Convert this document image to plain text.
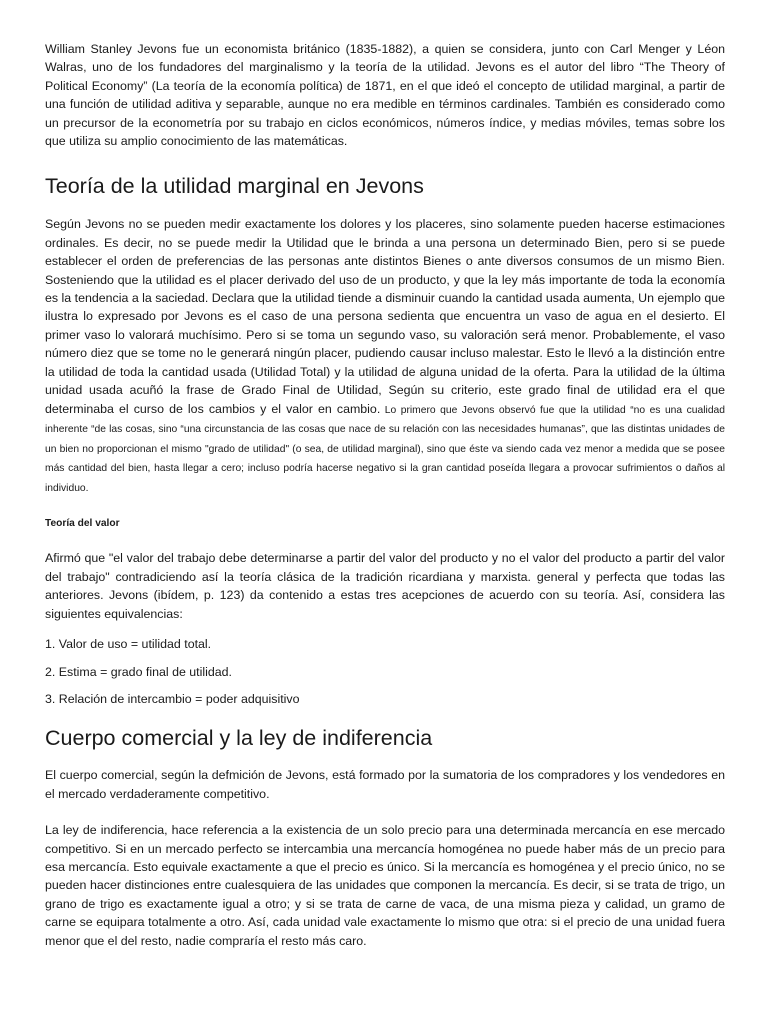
William Stanley Jevons fue un economista británico (1835-1882), a quien se considera, junto con Carl Menger y Léon Walras, uno de los fundadores del marginalismo y la teoría de la utilidad. Jevons es el autor del libro “The Theory of Political Economy” (La teoría de la economía política) de 1871, en el que ideó el concepto de utilidad marginal, a partir de una función de utilidad aditiva y separable, aunque no era medible en términos cardinales. También es considerado como un precursor de la econometría por su trabajo en ciclos económicos, números índice, y medias móviles, temas sobre los que utiliza su amplio conocimiento de las matemáticas.

Teoría de la utilidad marginal en Jevons

Según Jevons no se pueden medir exactamente los dolores y los placeres, sino solamente pueden hacerse estimaciones ordinales. Es decir, no se puede medir la Utilidad que le brinda a una persona un determinado Bien, pero si se puede establecer el orden de preferencias de las personas ante distintos Bienes o ante diversos consumos de un mismo Bien. Sosteniendo que la utilidad es el placer derivado del uso de un producto, y que la ley más importante de toda la economía es la tendencia a la saciedad. Declara que la utilidad tiende a disminuir cuando la cantidad usada aumenta, Un ejemplo que ilustra lo expresado por Jevons es el caso de una persona sedienta que encuentra un vaso de agua en el desierto. El primer vaso lo valorará muchísimo. Pero si se toma un segundo vaso, su valoración será menor. Probablemente, el vaso número diez que se tome no le generará ningún placer, pudiendo causar incluso malestar. Esto le llevó a la distinción entre la utilidad de toda la cantidad usada (Utilidad Total) y la utilidad de alguna unidad de la oferta. Para la utilidad de la última unidad usada acuñó la frase de Grado Final de Utilidad, Según su criterio, este grado final de utilidad era el que determinaba el curso de los cambios y el valor en cambio. Lo primero que Jevons observó fue que la utilidad “no es una cualidad inherente “de las cosas, sino “una circunstancia de las cosas que nace de su relación con las necesidades humanas”, que las distintas unidades de un bien no proporcionan el mismo "grado de utilidad" (o sea, de utilidad marginal), sino que éste va siendo cada vez menor a medida que se posee más cantidad del bien, hasta llegar a cero; incluso podría hacerse negativo si la gran cantidad poseída llegara a provocar sufrimientos o daños al individuo.

Teoría del valor

Afirmó que "el valor del trabajo debe determinarse a partir del valor del producto y no el valor del producto a partir del valor del trabajo" contradiciendo así la teoría clásica de la tradición ricardiana y marxista. general y perfecta que todas las anteriores. Jevons (ibídem, p. 123) da contenido a estas tres acepciones de acuerdo con su teoría. Así, considera las siguientes equivalencias:

1. Valor de uso = utilidad total.

2. Estima = grado final de utilidad.

3. Relación de intercambio = poder adquisitivo

Cuerpo comercial y la ley de indiferencia

El cuerpo comercial, según la defmición de Jevons, está formado por la sumatoria de los compradores y los vendedores en el mercado verdaderamente competitivo.

La ley de indiferencia, hace referencia a la existencia de un solo precio para una determinada mercancía en ese mercado competitivo. Si en un mercado perfecto se intercambia una mercancía homogénea no puede haber más de un precio para esa mercancía. Esto equivale exactamente a que el precio es único. Si la mercancía es homogénea y el precio único, no se pueden hacer distinciones entre cualesquiera de las unidades que componen la mercancía. Es decir, si se trata de trigo, un grano de trigo es exactamente igual a otro; y si se trata de carne de vaca, de una misma pieza y calidad, un gramo de carne se equipara totalmente a otro. Así, cada unidad vale exactamente lo mismo que otra: si el precio de una unidad fuera menor que el del resto, nadie compraría el resto más caro.
